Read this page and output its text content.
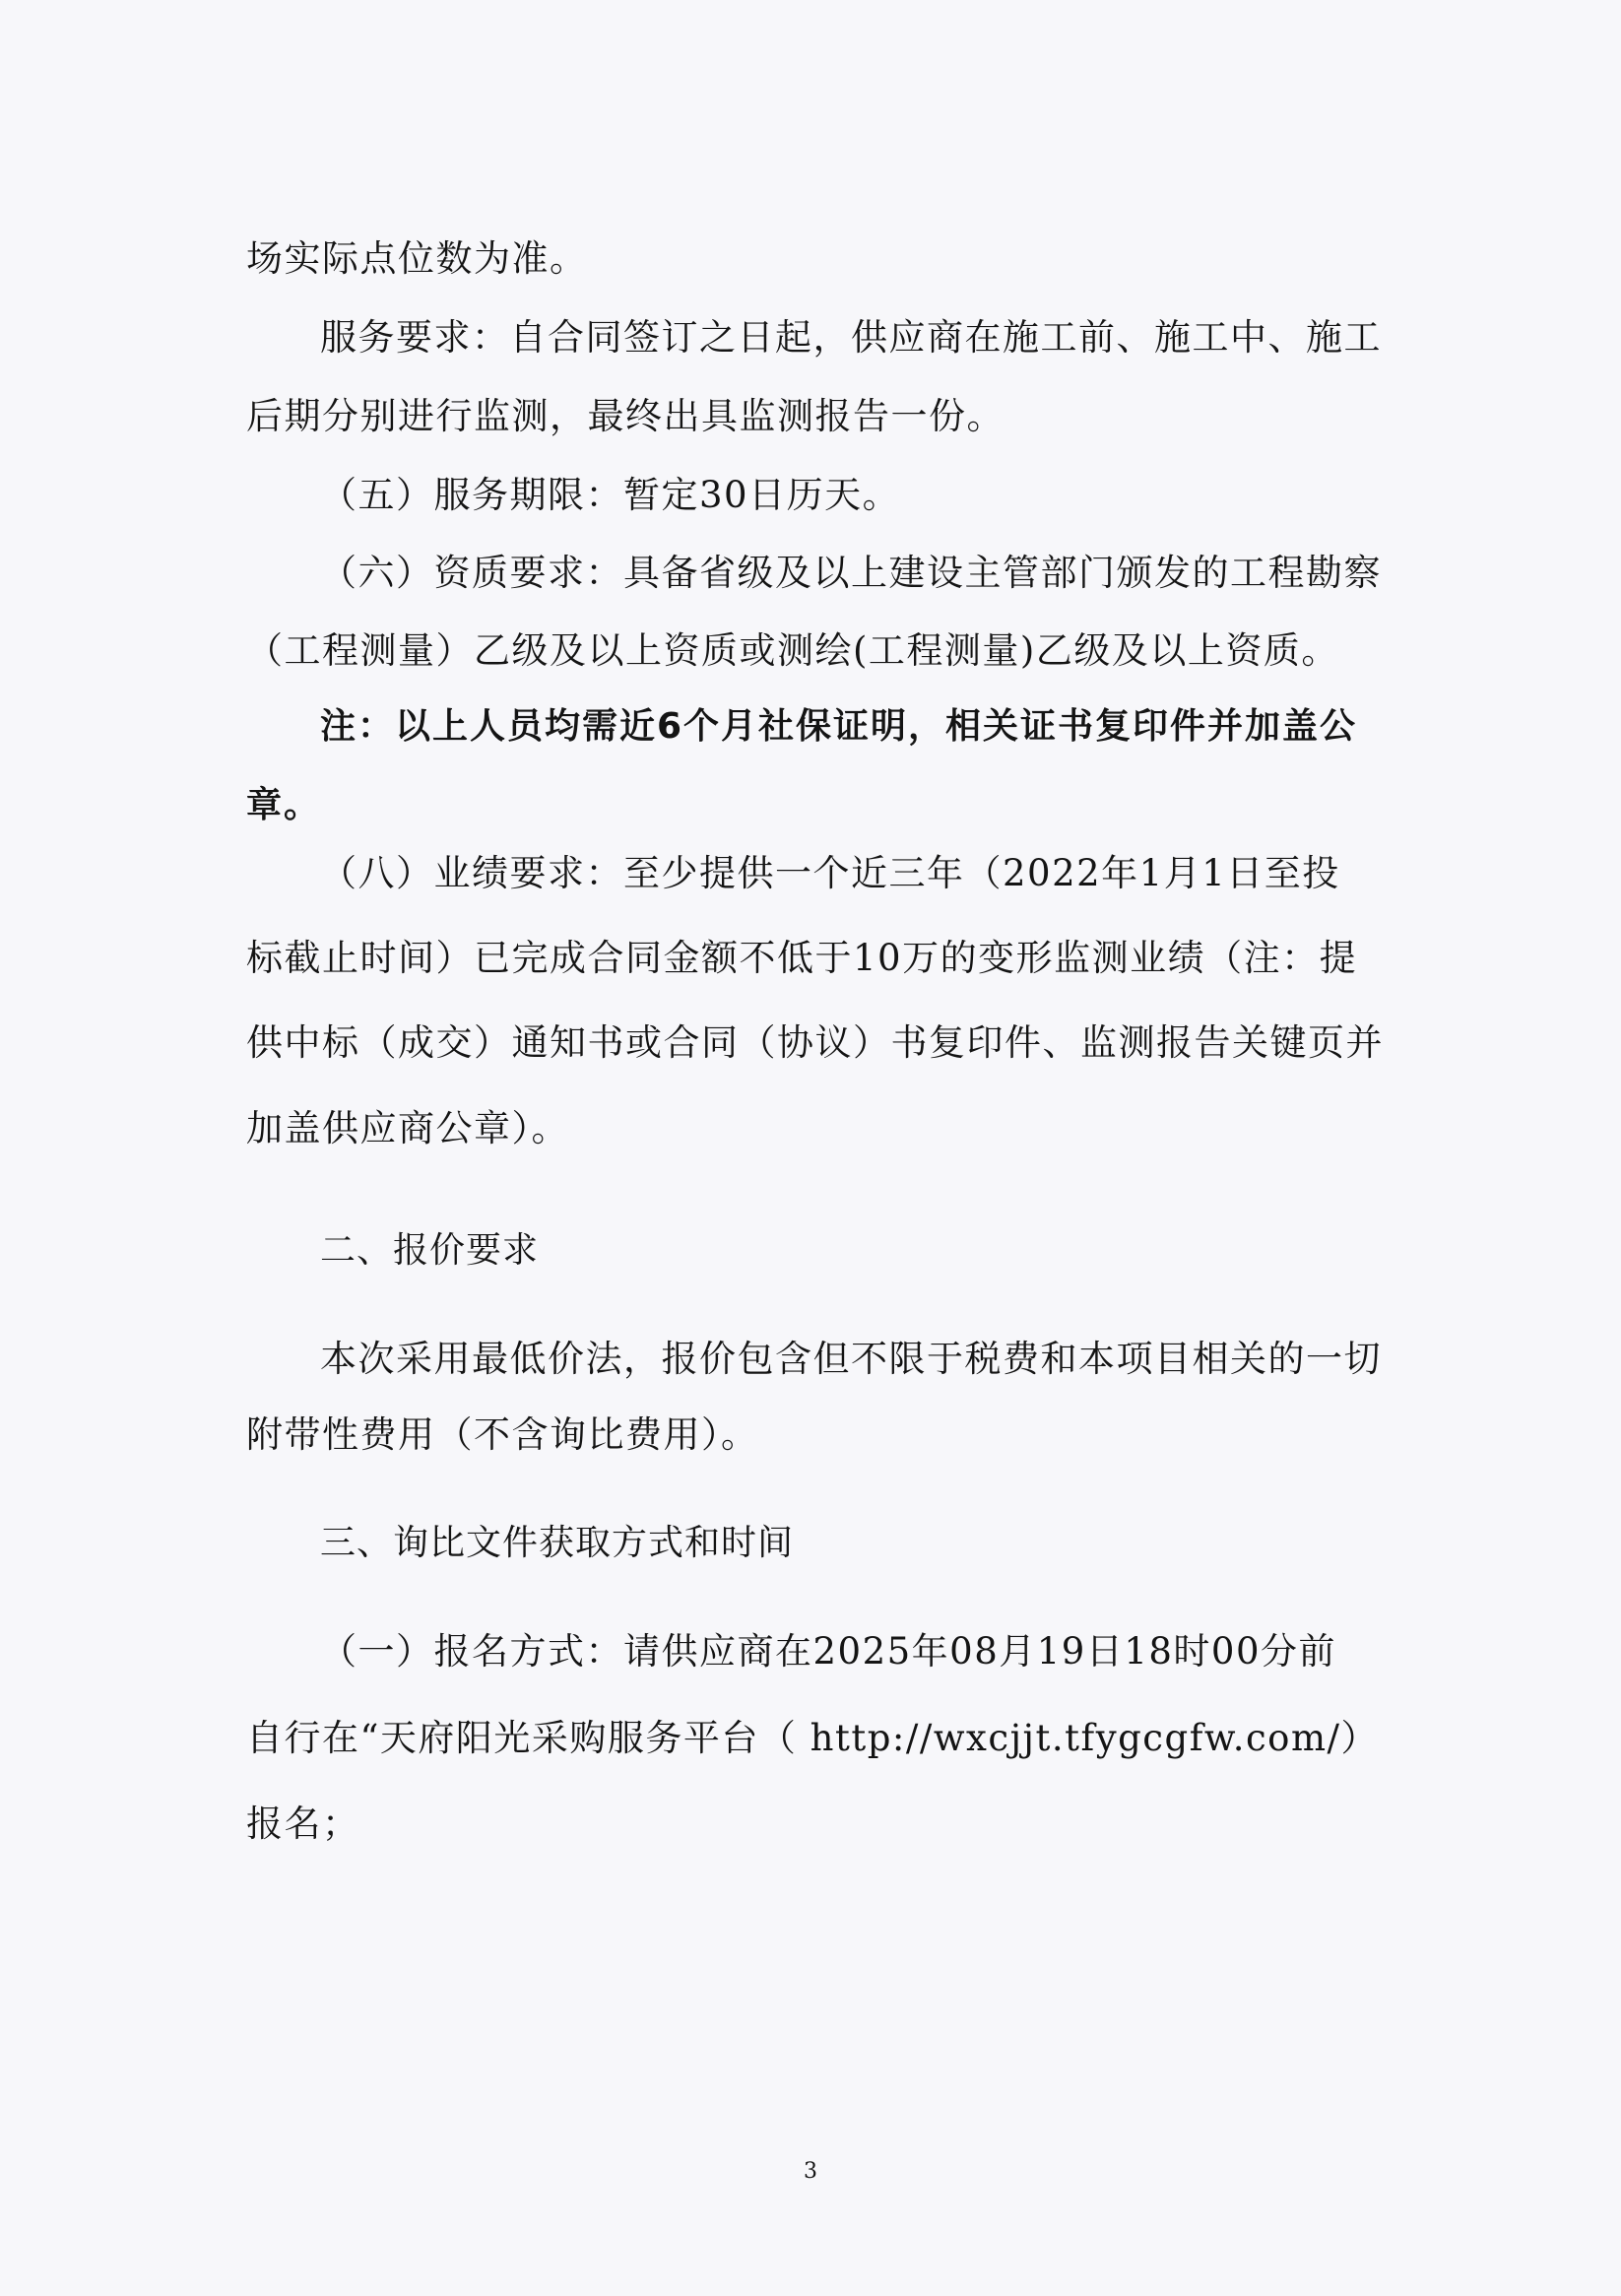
场实际点位数为准。
服务要求：自合同签订之日起，供应商在施工前、施工中、施工
后期分别进行监测，最终出具监测报告一份。
（五）服务期限：暂定30日历天。
（六）资质要求：具备省级及以上建设主管部门颁发的工程勘察
（工程测量）乙级及以上资质或测绘(工程测量)乙级及以上资质。
注：以上人员均需近6个月社保证明，相关证书复印件并加盖公
章。
（八）业绩要求：至少提供一个近三年（2022年1月1日至投
标截止时间）已完成合同金额不低于10万的变形监测业绩（注：提
供中标（成交）通知书或合同（协议）书复印件、监测报告关键页并
加盖供应商公章）。
二、报价要求
本次采用最低价法，报价包含但不限于税费和本项目相关的一切
附带性费用（不含询比费用）。
三、询比文件获取方式和时间
（一）报名方式：请供应商在2025年08月19日18时00分前
自行在“天府阳光采购服务平台（ http://wxcjjt.tfygcgfw.com/）
报名；
3
